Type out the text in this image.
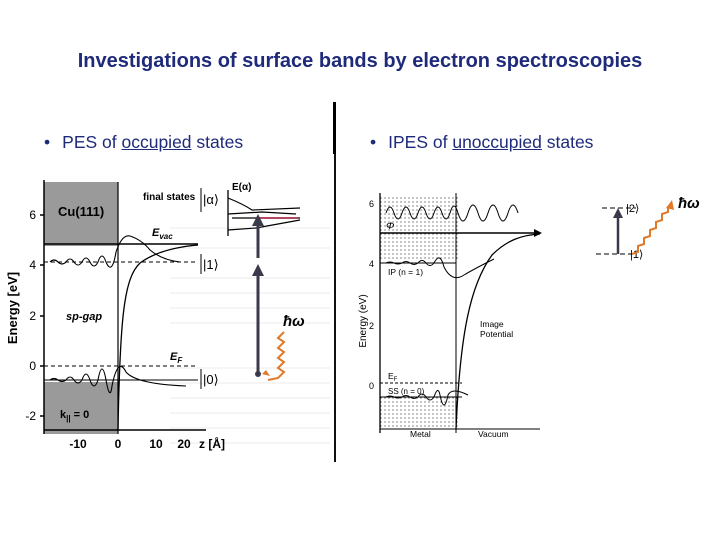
Investigations of surface bands by electron spectroscopies
• PES of occupied states	• IPES of unoccupied states
6
4
2
0
-2
Energy [eV]
-10 0 10 20 z [Å]
Cu(111)
sp-gap
final states
$E_{vac}$
$E_F$
$k_{||} = 0$
|α⟩
|1⟩
|0⟩
E(α)
ħω
6
4
2
0
Energy (eV)
Φ
IP (n = 1)
Image
Potential
$E_F$
SS (n = 0)
Metal	Vacuum
|2⟩
|1⟩
ħω
